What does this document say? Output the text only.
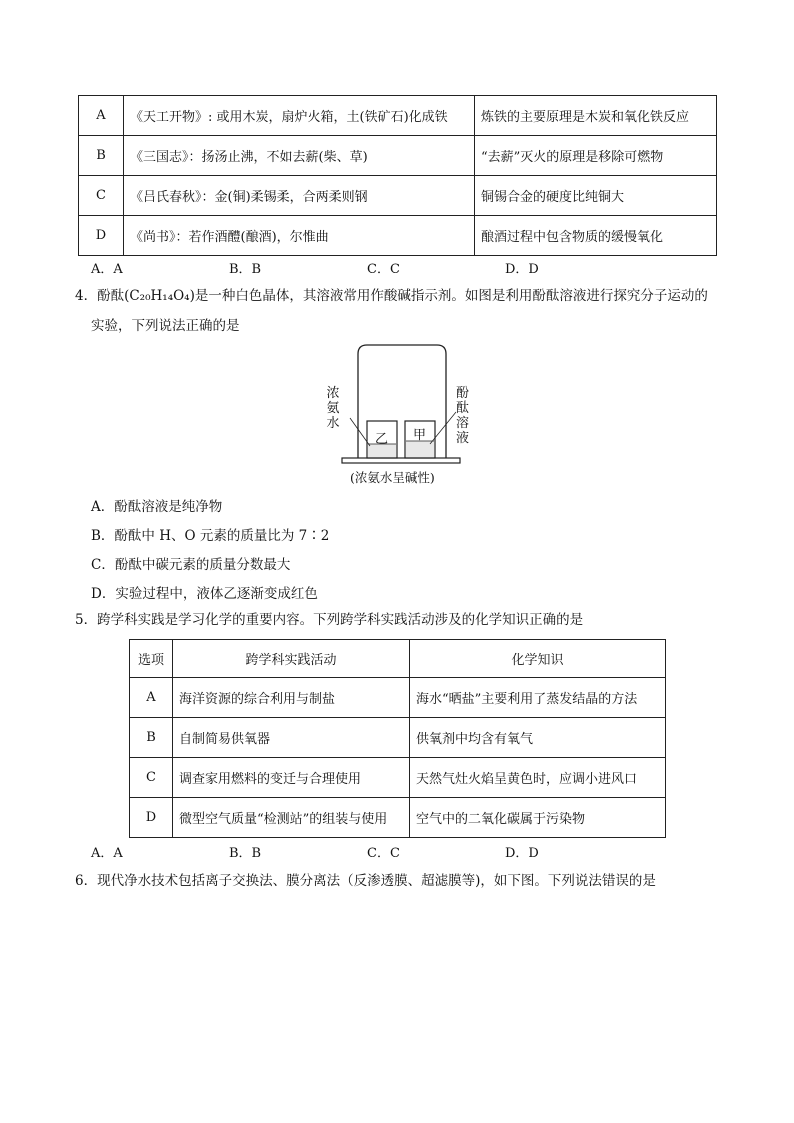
A	《天工开物》: 或用木炭，扇炉火箱，土(铁矿石)化成铁	炼铁的主要原理是木炭和氧化铁反应
B	《三国志》：扬汤止沸，不如去薪(柴、草)	“去薪”灭火的原理是移除可燃物
C	《吕氏春秋》：金(铜)柔锡柔，合两柔则钢	铜锡合金的硬度比纯铜大
D	《尚书》：若作酒醴(酿酒)，尔惟曲	酿酒过程中包含物质的缓慢氧化
A．A	B．B	C．C	D．D
4．酚酞(C₂₀H₁₄O₄)是一种白色晶体，其溶液常用作酸碱指示剂。如图是利用酚酞溶液进行探究分子运动的
实验，下列说法正确的是
浓
氨
水
酚酞
溶液
乙 甲
(浓氨水呈碱性)
A．酚酞溶液是纯净物
B．酚酞中 H、O 元素的质量比为 7∶2
C．酚酞中碳元素的质量分数最大
D．实验过程中，液体乙逐渐变成红色
5．跨学科实践是学习化学的重要内容。下列跨学科实践活动涉及的化学知识正确的是
选项	跨学科实践活动	化学知识
A	海洋资源的综合利用与制盐	海水“晒盐”主要利用了蒸发结晶的方法
B	自制简易供氧器	供氧剂中均含有氧气
C	调查家用燃料的变迁与合理使用	天然气灶火焰呈黄色时，应调小进风口
D	微型空气质量“检测站”的组装与使用	空气中的二氧化碳属于污染物
A．A	B．B	C．C	D．D
6．现代净水技术包括离子交换法、膜分离法（反渗透膜、超滤膜等)，如下图。下列说法错误的是
